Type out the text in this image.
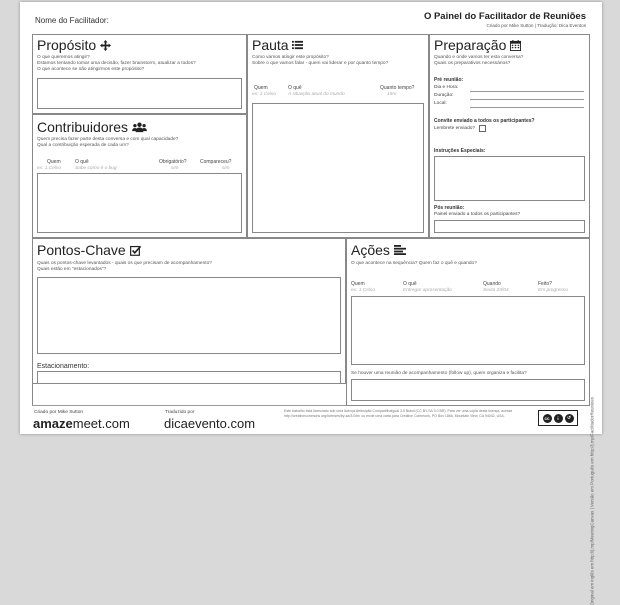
Nome do Facilitador:	O Painel do Facilitador de Reuniões
Criado por Mike Sutton | Tradução: Dica Eventos
Propósito
O que queremos atingir?
Estamos tentando tomar uma decisão, fazer brainstorm, atualizar a todos?
O que acontece se não atingirmos este propósito?
Contribuidores
Quem precisa fazer parte desta conversa e com qual capacidade?
Qual a contribuição esperada de cada um?
Quem	O quê	Obrigatório?	Compareceu?
ex: 1.Celso	Sabe como é o bug	sim	sim
Pauta
Como vamos atingir este propósito?
Sobre o que vamos falar - quem vai liderar e por quanto tempo?
Quem	O quê	Quanto tempo?
ex: 1.Celso	A situação atual do mundo	15m
Preparação
Quando e onde vamos ter esta conversa?
Quais os preparativos necessários?
Pré reunião:
Dia e Hora:
Duração:
Local:
Convite enviado a todos os participantes?
Lembrete enviado?
Instruções Especiais:
Pós reunião:
Painel enviado a todos os participantes?
Pontos-Chave
Quais os pontos-chave levantados - quais os que precisam de acompanhamento?
Quais estão em "estacionados"?
Estacionamento:
Ações
O que acontece na sequência? Quem faz o quê e quando?
Quem	O quê	Quando	Feito?
ex: 1.Celso	Entregar apresentação	Sexta 23/04	Em progresso
Se houver uma reunião de acompanhamento (follow up), quem organiza e facilita?
Criado por Mike Sutton
amazemeet.com
Traduzido por
dicaevento.com
Este trabalho está licenciado sob uma licença Atribuição-CompartilhaIgual 3.0 Brasil (CC BY-SA 3.0 BR). Para ver uma cópia desta licença, acesse http://creativecommons.org/licenses/by-sa/3.0/br/ ou envie uma carta para Creative Commons, PO Box 1866, Mountain View, CA 94042, USA.	cc	i	↺	Original em inglês em http://j.mp/MeetingCanvas | Versão em Português em http://j.mp/FacilitadorReunioes
